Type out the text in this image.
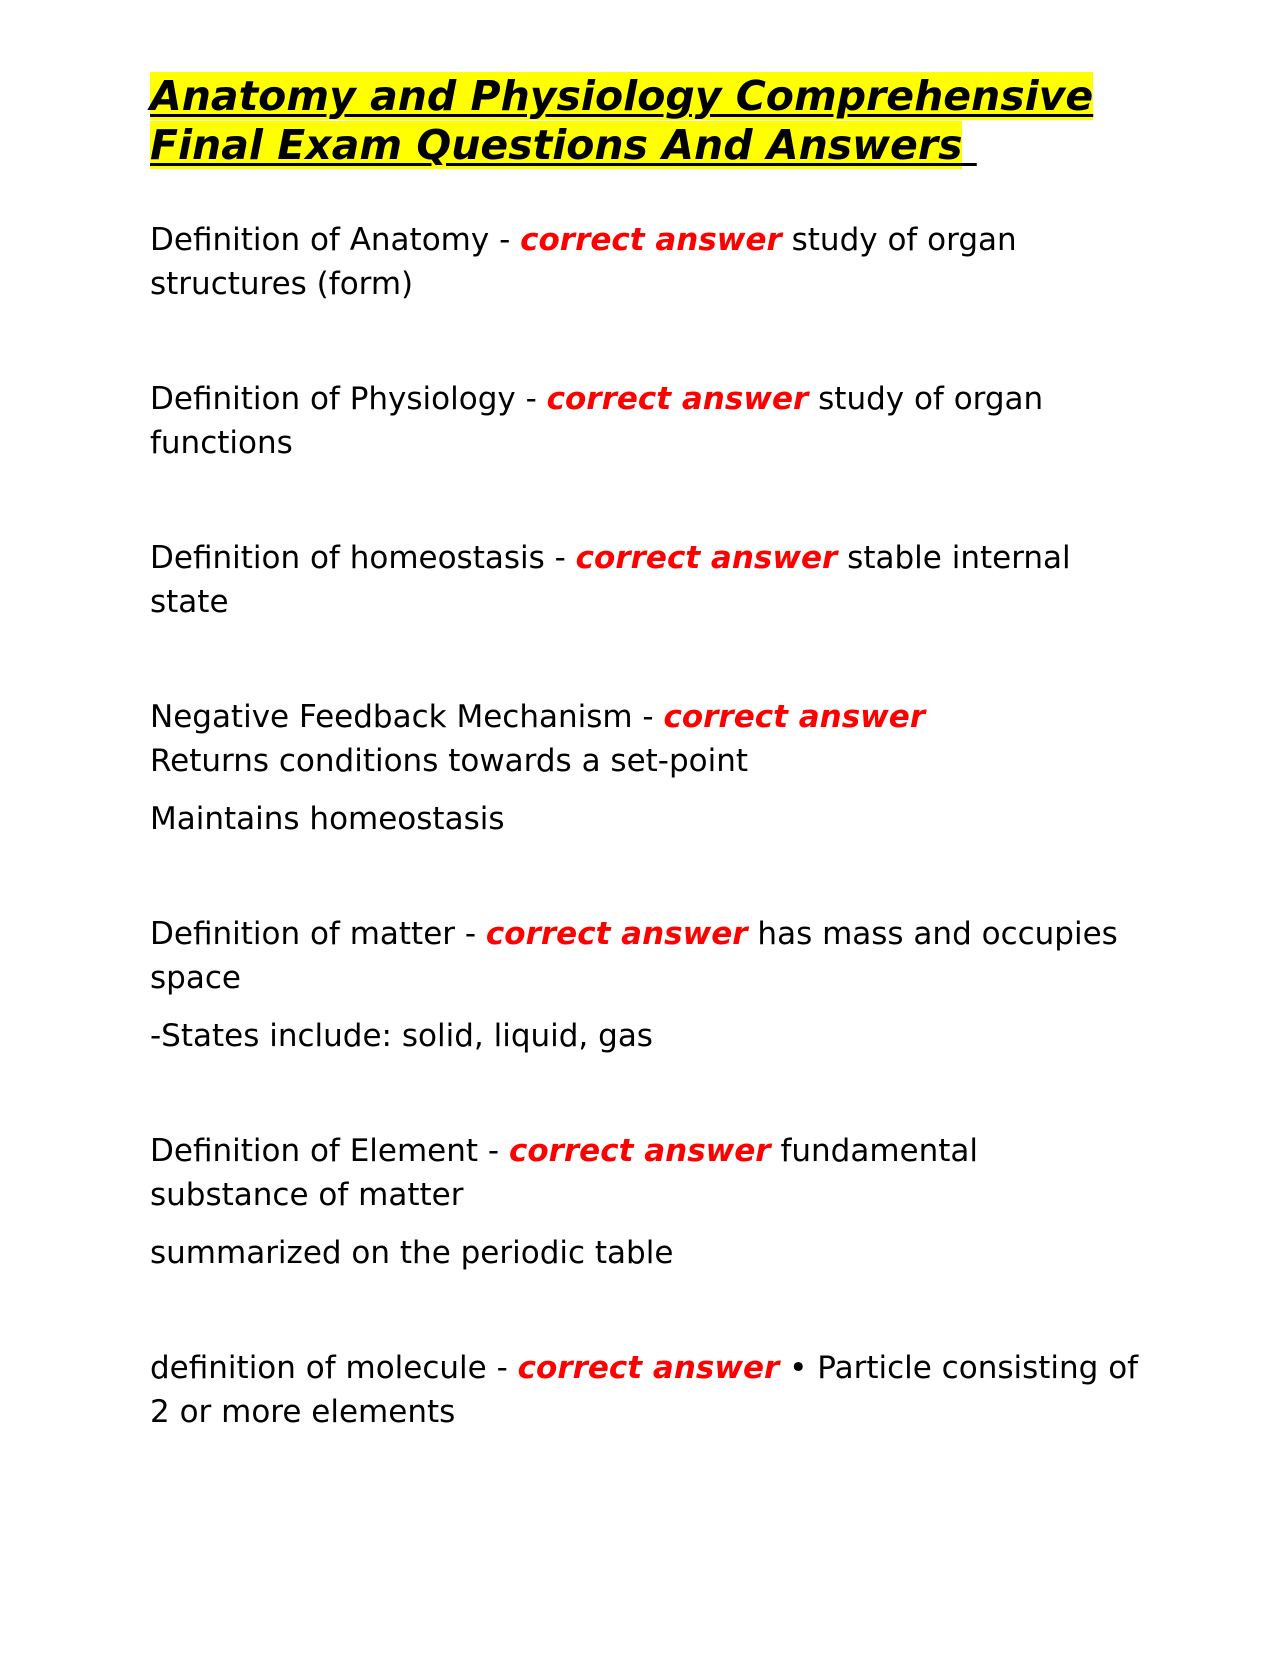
Anatomy and Physiology Comprehensive
Final Exam Questions And Answers

Definition of Anatomy - correct answer study of organ structures (form)

Definition of Physiology - correct answer study of organ functions

Definition of homeostasis - correct answer stable internal state

Negative Feedback Mechanism - correct answer
Returns conditions towards a set-point

Maintains homeostasis

Definition of matter - correct answer has mass and occupies space

-States include: solid, liquid, gas

Definition of Element - correct answer fundamental substance of matter

summarized on the periodic table

definition of molecule - correct answer • Particle consisting of 2 or more elements
